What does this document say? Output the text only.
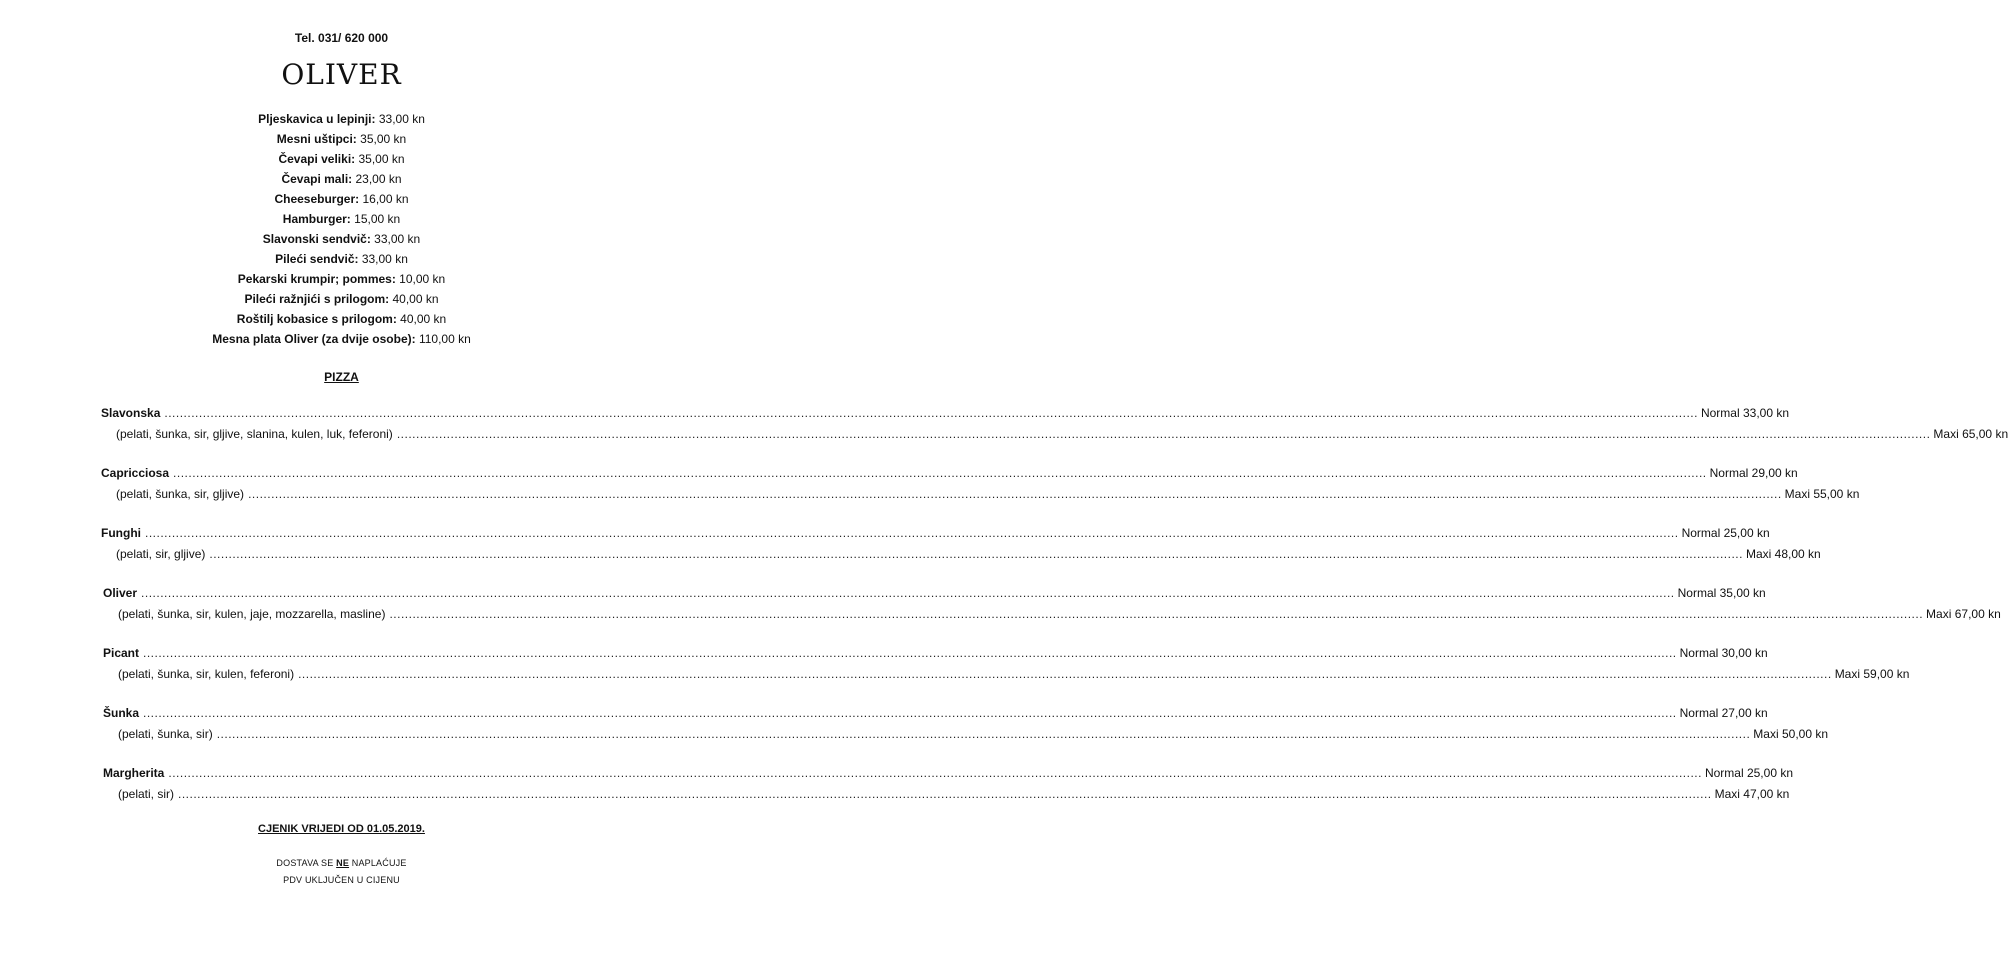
Tel. 031/ 620 000
OLIVER
Pljeskavica u lepinji: 33,00 kn
Mesni uštipci: 35,00 kn
Čevapi veliki: 35,00 kn
Čevapi mali: 23,00 kn
Cheeseburger: 16,00 kn
Hamburger: 15,00 kn
Slavonski sendvič: 33,00 kn
Pileći sendvič: 33,00 kn
Pekarski krumpir; pommes: 10,00 kn
Pileći ražnjići s prilogom: 40,00 kn
Roštilj kobasice s prilogom: 40,00 kn
Mesna plata Oliver (za dvije osobe): 110,00 kn
PIZZA
Slavonska ................................................................................................................................................................................................................................................................................................................................................................................................................ Normal 33,00 kn
(pelati, šunka, sir, gljive, slanina, kulen, luk, feferoni) ................................................................................................................................................................................................................................................................................................................................................................................................................ Maxi 65,00 kn
Capricciosa ................................................................................................................................................................................................................................................................................................................................................................................................................ Normal 29,00 kn
(pelati, šunka, sir, gljive) ................................................................................................................................................................................................................................................................................................................................................................................................................ Maxi 55,00 kn
Funghi ................................................................................................................................................................................................................................................................................................................................................................................................................ Normal 25,00 kn
(pelati, sir, gljive) ................................................................................................................................................................................................................................................................................................................................................................................................................ Maxi 48,00 kn
Oliver ................................................................................................................................................................................................................................................................................................................................................................................................................ Normal 35,00 kn
(pelati, šunka, sir, kulen, jaje, mozzarella, masline) ................................................................................................................................................................................................................................................................................................................................................................................................................ Maxi 67,00 kn
Picant ................................................................................................................................................................................................................................................................................................................................................................................................................ Normal 30,00 kn
(pelati, šunka, sir, kulen, feferoni) ................................................................................................................................................................................................................................................................................................................................................................................................................ Maxi 59,00 kn
Šunka ................................................................................................................................................................................................................................................................................................................................................................................................................ Normal 27,00 kn
(pelati, šunka, sir) ................................................................................................................................................................................................................................................................................................................................................................................................................ Maxi 50,00 kn
Margherita ................................................................................................................................................................................................................................................................................................................................................................................................................ Normal 25,00 kn
(pelati, sir) ................................................................................................................................................................................................................................................................................................................................................................................................................ Maxi 47,00 kn
CJENIK VRIJEDI OD 01.05.2019.
DOSTAVA SE NE NAPLAĆUJE
PDV UKLJUČEN U CIJENU
